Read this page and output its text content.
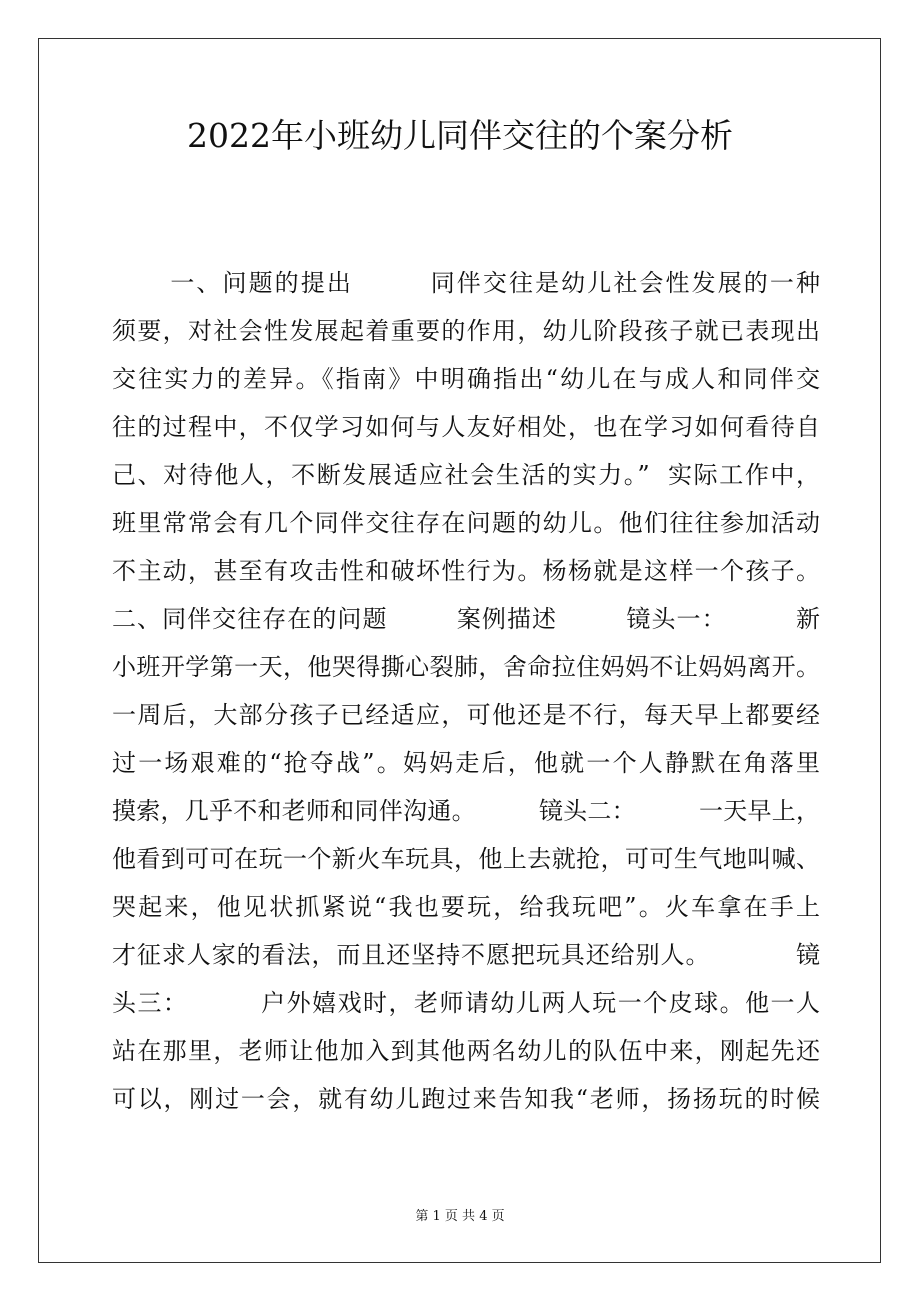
2022年小班幼儿同伴交往的个案分析
一、问题的提出        同伴交往是幼儿社会性发展的一种
须要，对社会性发展起着重要的作用，幼儿阶段孩子就已表现出
交往实力的差异。《指南》中明确指出“幼儿在与成人和同伴交
往的过程中，不仅学习如何与人友好相处，也在学习如何看待自
己、对待他人，不断发展适应社会生活的实力。”  实际工作中，
班里常常会有几个同伴交往存在问题的幼儿。他们往往参加活动
不主动，甚至有攻击性和破坏性行为。杨杨就是这样一个孩子。
二、同伴交往存在的问题        案例描述        镜头一：        新
小班开学第一天，他哭得撕心裂肺，舍命拉住妈妈不让妈妈离开。
一周后，大部分孩子已经适应，可他还是不行，每天早上都要经
过一场艰难的“抢夺战”。妈妈走后，他就一个人静默在角落里
摸索，几乎不和老师和同伴沟通。        镜头二：        一天早上，
他看到可可在玩一个新火车玩具，他上去就抢，可可生气地叫喊、
哭起来，他见状抓紧说“我也要玩，给我玩吧”。火车拿在手上
才征求人家的看法，而且还坚持不愿把玩具还给别人。          镜
头三：        户外嬉戏时，老师请幼儿两人玩一个皮球。他一人
站在那里，老师让他加入到其他两名幼儿的队伍中来，刚起先还
可以，刚过一会，就有幼儿跑过来告知我“老师，扬扬玩的时候
第 1 页 共 4 页
